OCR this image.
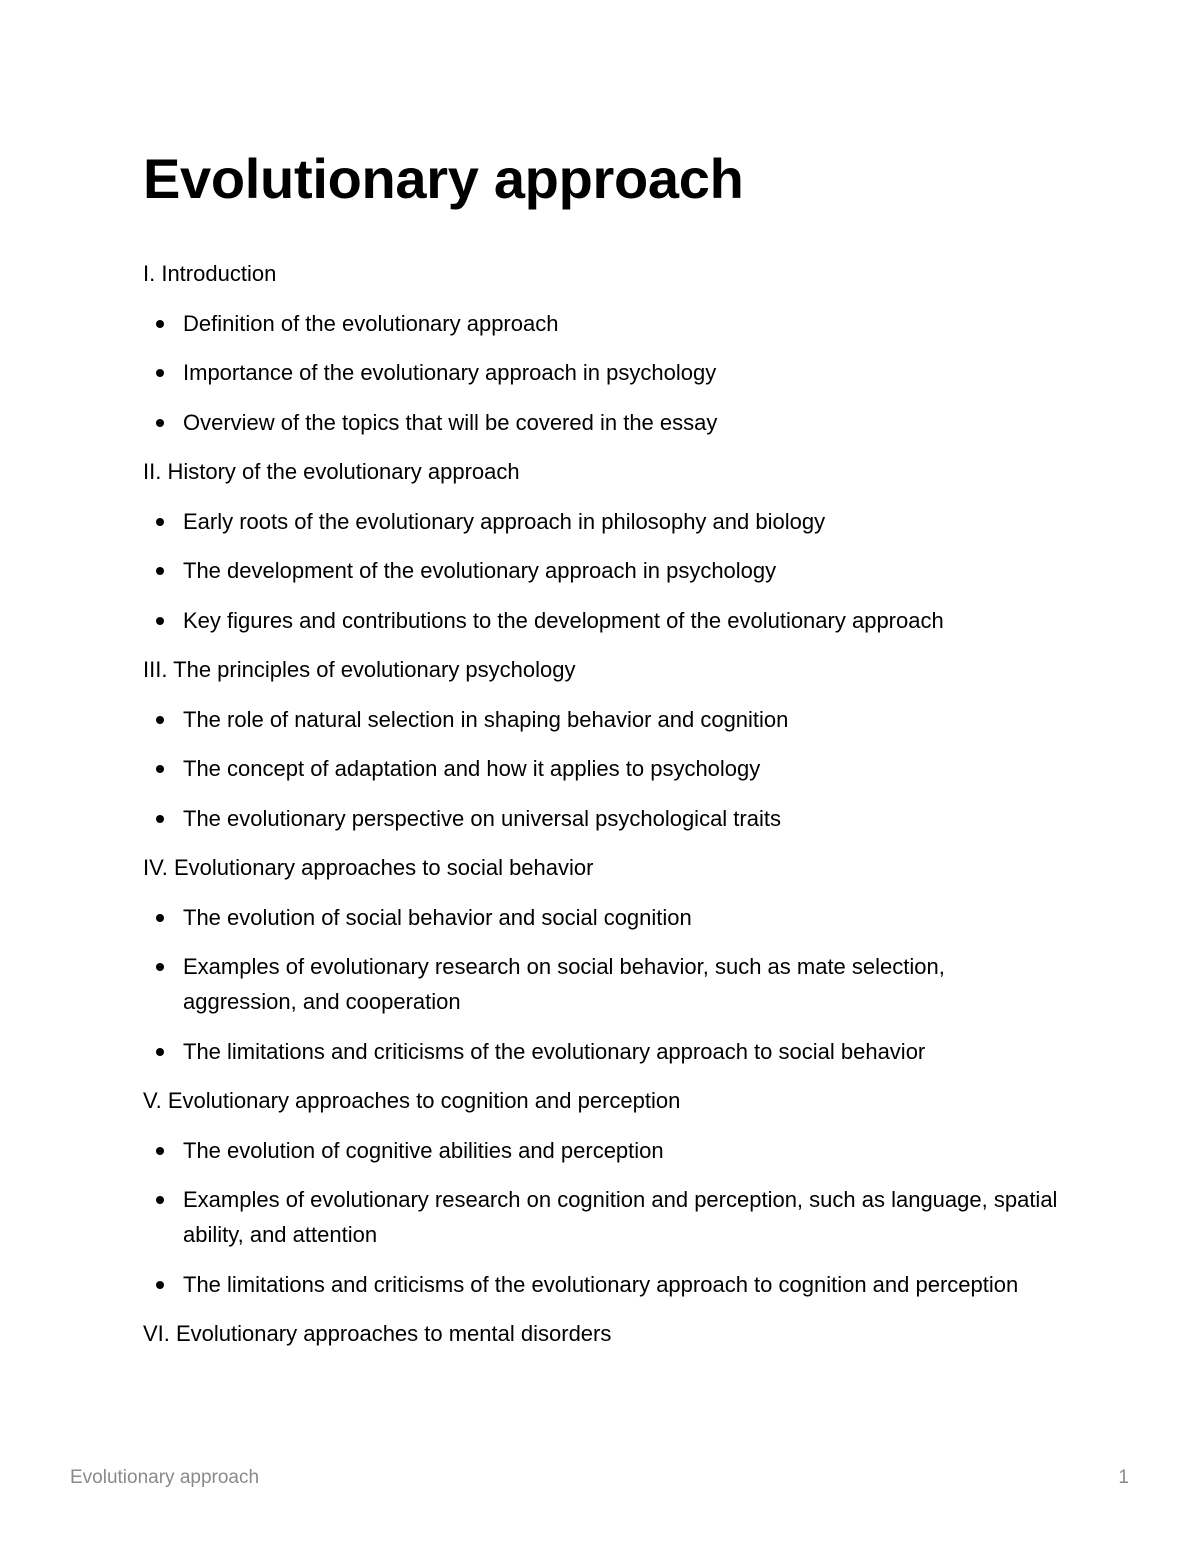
Evolutionary approach

I. Introduction

Definition of the evolutionary approach
Importance of the evolutionary approach in psychology
Overview of the topics that will be covered in the essay

II. History of the evolutionary approach

Early roots of the evolutionary approach in philosophy and biology
The development of the evolutionary approach in psychology
Key figures and contributions to the development of the evolutionary approach

III. The principles of evolutionary psychology

The role of natural selection in shaping behavior and cognition
The concept of adaptation and how it applies to psychology
The evolutionary perspective on universal psychological traits

IV. Evolutionary approaches to social behavior

The evolution of social behavior and social cognition
Examples of evolutionary research on social behavior, such as mate selection, aggression, and cooperation
The limitations and criticisms of the evolutionary approach to social behavior

V. Evolutionary approaches to cognition and perception

The evolution of cognitive abilities and perception
Examples of evolutionary research on cognition and perception, such as language, spatial ability, and attention
The limitations and criticisms of the evolutionary approach to cognition and perception

VI. Evolutionary approaches to mental disorders

Evolutionary approach	1
